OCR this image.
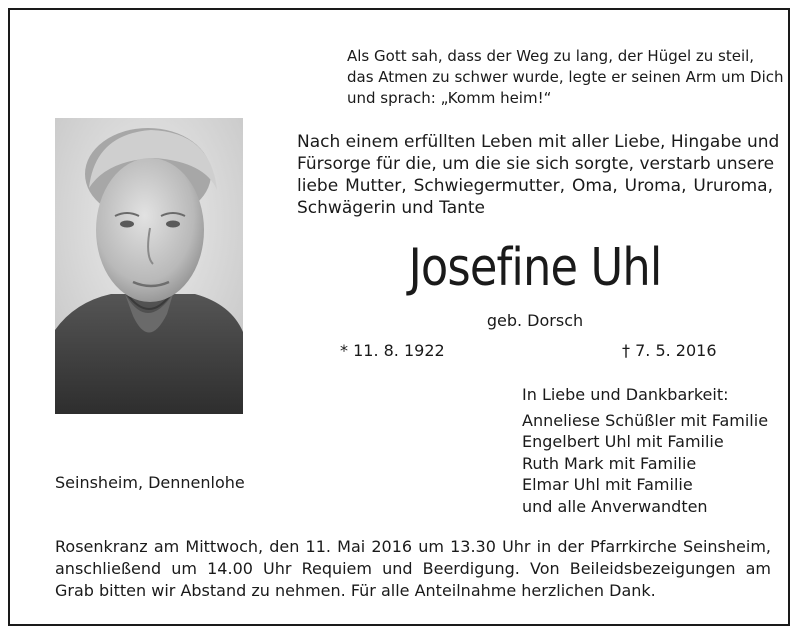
Als Gott sah, dass der Weg zu lang, der Hügel zu steil,
das Atmen zu schwer wurde, legte er seinen Arm um Dich
und sprach: „Komm heim!“

Nach einem erfüllten Leben mit aller Liebe, Hingabe und
Fürsorge für die, um die sie sich sorgte, verstarb unsere
liebe Mutter, Schwiegermutter, Oma, Uroma, Ururoma,
Schwägerin und Tante

Josefine Uhl
geb. Dorsch
* 11. 8. 1922	† 7. 5. 2016
In Liebe und Dankbarkeit:
Anneliese Schüßler mit Familie
Engelbert Uhl mit Familie
Ruth Mark mit Familie
Elmar Uhl mit Familie
und alle Anverwandten
Seinsheim, Dennenlohe

Rosenkranz am Mittwoch, den 11. Mai 2016 um 13.30 Uhr in der Pfarrkirche Seinsheim,
anschließend um 14.00 Uhr Requiem und Beerdigung. Von Beileidsbezeigungen am
Grab bitten wir Abstand zu nehmen. Für alle Anteilnahme herzlichen Dank.
